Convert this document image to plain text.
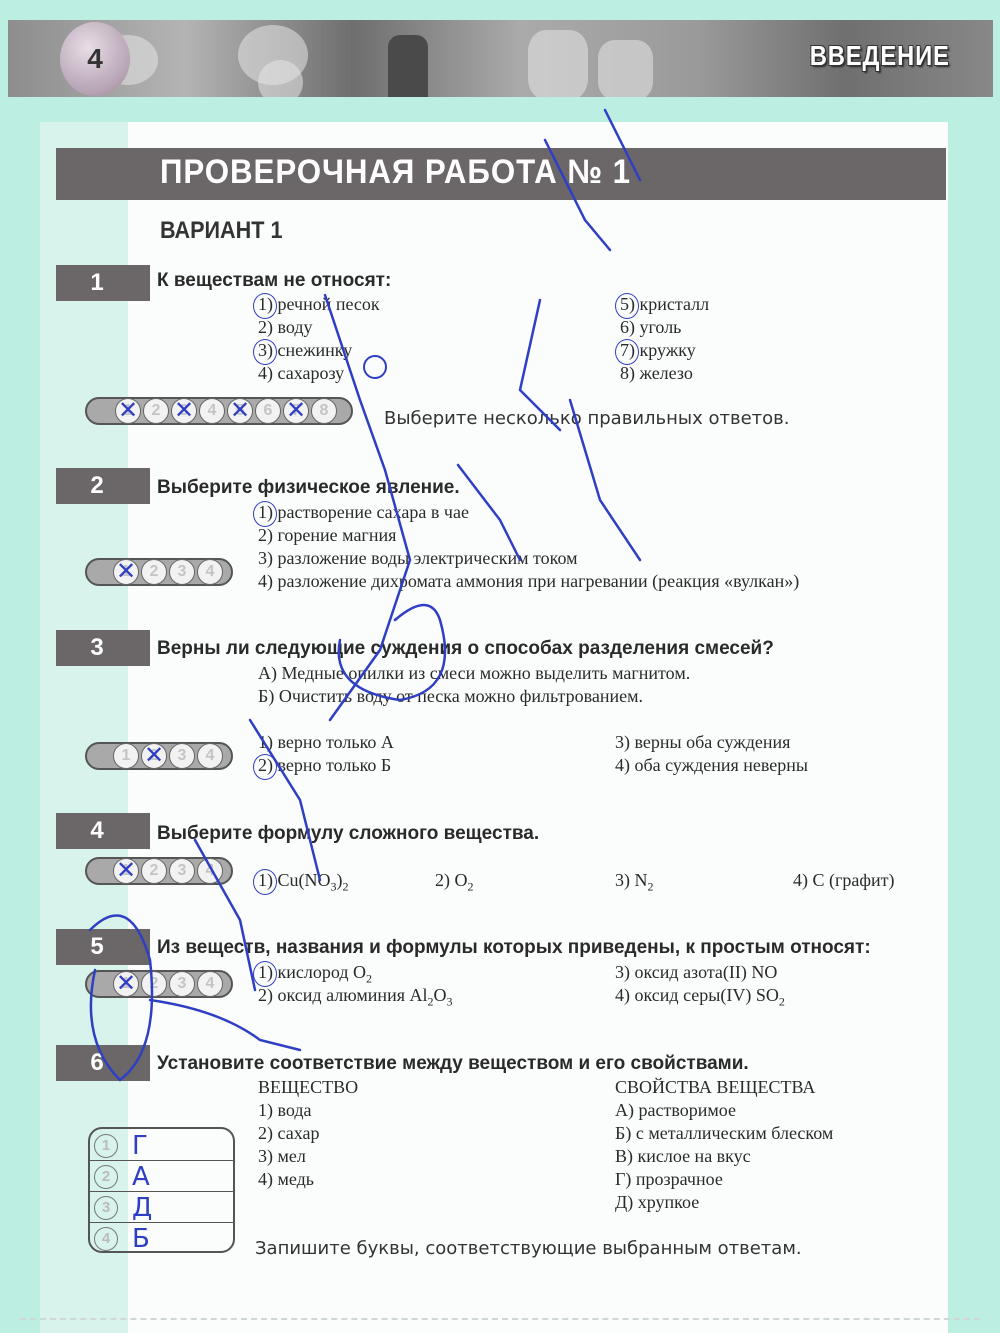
4	ВВЕДЕНИЕ
ПРОВЕРОЧНАЯ РАБОТА № 1
ВАРИАНТ 1
1	К веществам не относят:
1) речной песок
2) воду
3) снежинку
4) сахарозу
5) кристалл
6) уголь
7) кружку
8) железо
1 ✕	2	3 ✕	4	5 ✕	6	7 ✕	8	Выберите несколько правильных ответов.
2	Выберите физическое явление.
1) растворение сахара в чае
2) горение магния
3) разложение воды электрическим током
4) разложение дихромата аммония при нагревании (реакция «вулкан»)
1 ✕	2	3	4
3	Верны ли следующие суждения о способах разделения смесей?
А) Медные опилки из смеси можно выделить магнитом.
Б) Очистить воду от песка можно фильтрованием.
1) верно только А
2) верно только Б
3) верны оба суждения
4) оба суждения неверны
1	2 ✕	3	4
4	Выберите формулу сложного вещества.
1 ✕	2	3	4	1) $Cu(NO_3)_2$	2) $O_2$	3) $N_2$	4) C (графит)
5	Из веществ, названия и формулы которых приведены, к простым относят:
1 ✕	2	3	4
1) кислород $O_2$
2) оксид алюминия $Al_2O_3$
3) оксид азота(II) NO
4) оксид серы(IV) $SO_2$
6	Установите соответствие между веществом и его свойствами.
ВЕЩЕСТВО	СВОЙСТВА ВЕЩЕСТВА
1) вода
2) сахар
3) мел
4) медь
А) растворимое
Б) с металлическим блеском
В) кислое на вкус
Г) прозрачное
Д) хрупкое
1 Г
2 А
3 Д
4 Б	Запишите буквы, соответствующие выбранным ответам.
